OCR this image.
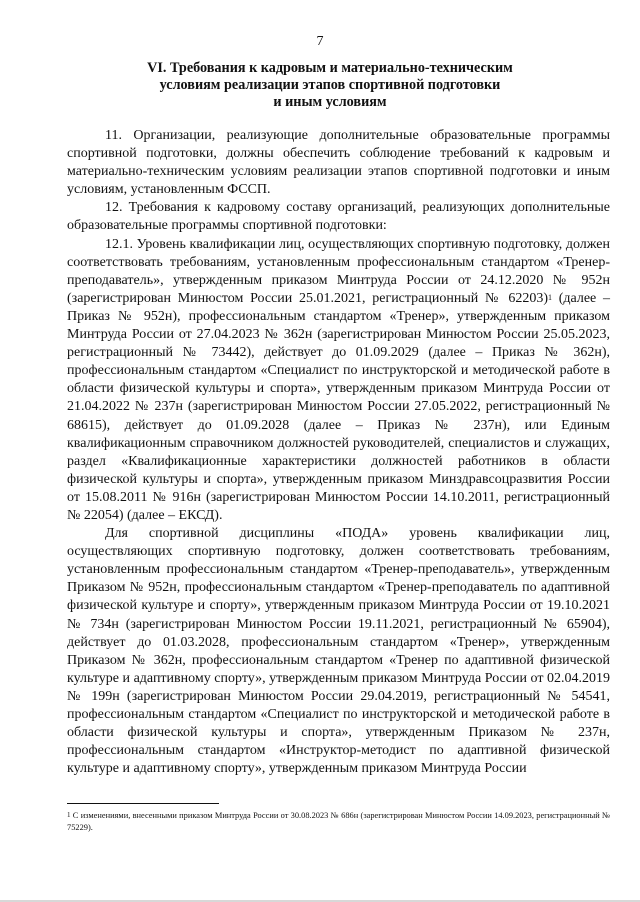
7
VI. Требования к кадровым и материально-техническим
условиям реализации этапов спортивной подготовки
и иным условиям

11. Организации, реализующие дополнительные образовательные программы спортивной подготовки, должны обеспечить соблюдение требований к кадровым и материально-техническим условиям реализации этапов спортивной подготовки и иным условиям, установленным ФССП.

12. Требования к кадровому составу организаций, реализующих дополнительные образовательные программы спортивной подготовки:

12.1. Уровень квалификации лиц, осуществляющих спортивную подготовку, должен соответствовать требованиям, установленным профессиональным стандартом «Тренер-преподаватель», утвержденным приказом Минтруда России от 24.12.2020 № 952н (зарегистрирован Минюстом России 25.01.2021, регистрационный № 62203)$^1$ (далее – Приказ № 952н), профессиональным стандартом «Тренер», утвержденным приказом Минтруда России от 27.04.2023 № 362н (зарегистрирован Минюстом России 25.05.2023, регистрационный № 73442), действует до 01.09.2029 (далее – Приказ № 362н), профессиональным стандартом «Специалист по инструкторской и методической работе в области физической культуры и спорта», утвержденным приказом Минтруда России от 21.04.2022 № 237н (зарегистрирован Минюстом России 27.05.2022, регистрационный № 68615), действует до 01.09.2028 (далее – Приказ № 237н), или Единым квалификационным справочником должностей руководителей, специалистов и служащих, раздел «Квалификационные характеристики должностей работников в области физической культуры и спорта», утвержденным приказом Минздравсоцразвития России от 15.08.2011 № 916н (зарегистрирован Минюстом России 14.10.2011, регистрационный № 22054) (далее – ЕКСД).

Для спортивной дисциплины «ПОДА» уровень квалификации лиц, осуществляющих спортивную подготовку, должен соответствовать требованиям, установленным профессиональным стандартом «Тренер-преподаватель», утвержденным Приказом № 952н, профессиональным стандартом «Тренер-преподаватель по адаптивной физической культуре и спорту», утвержденным приказом Минтруда России от 19.10.2021 № 734н (зарегистрирован Минюстом России 19.11.2021, регистрационный № 65904), действует до 01.03.2028, профессиональным стандартом «Тренер», утвержденным Приказом № 362н, профессиональным стандартом «Тренер по адаптивной физической культуре и адаптивному спорту», утвержденным приказом Минтруда России от 02.04.2019 № 199н (зарегистрирован Минюстом России 29.04.2019, регистрационный № 54541, профессиональным стандартом «Специалист по инструкторской и методической работе в области физической культуры и спорта», утвержденным Приказом № 237н, профессиональным стандартом «Инструктор-методист по адаптивной физической культуре и адаптивному спорту», утвержденным приказом Минтруда России

$^1$ С изменениями, внесенными приказом Минтруда России от 30.08.2023 № 686н (зарегистрирован Минюстом России 14.09.2023, регистрационный № 75229).
